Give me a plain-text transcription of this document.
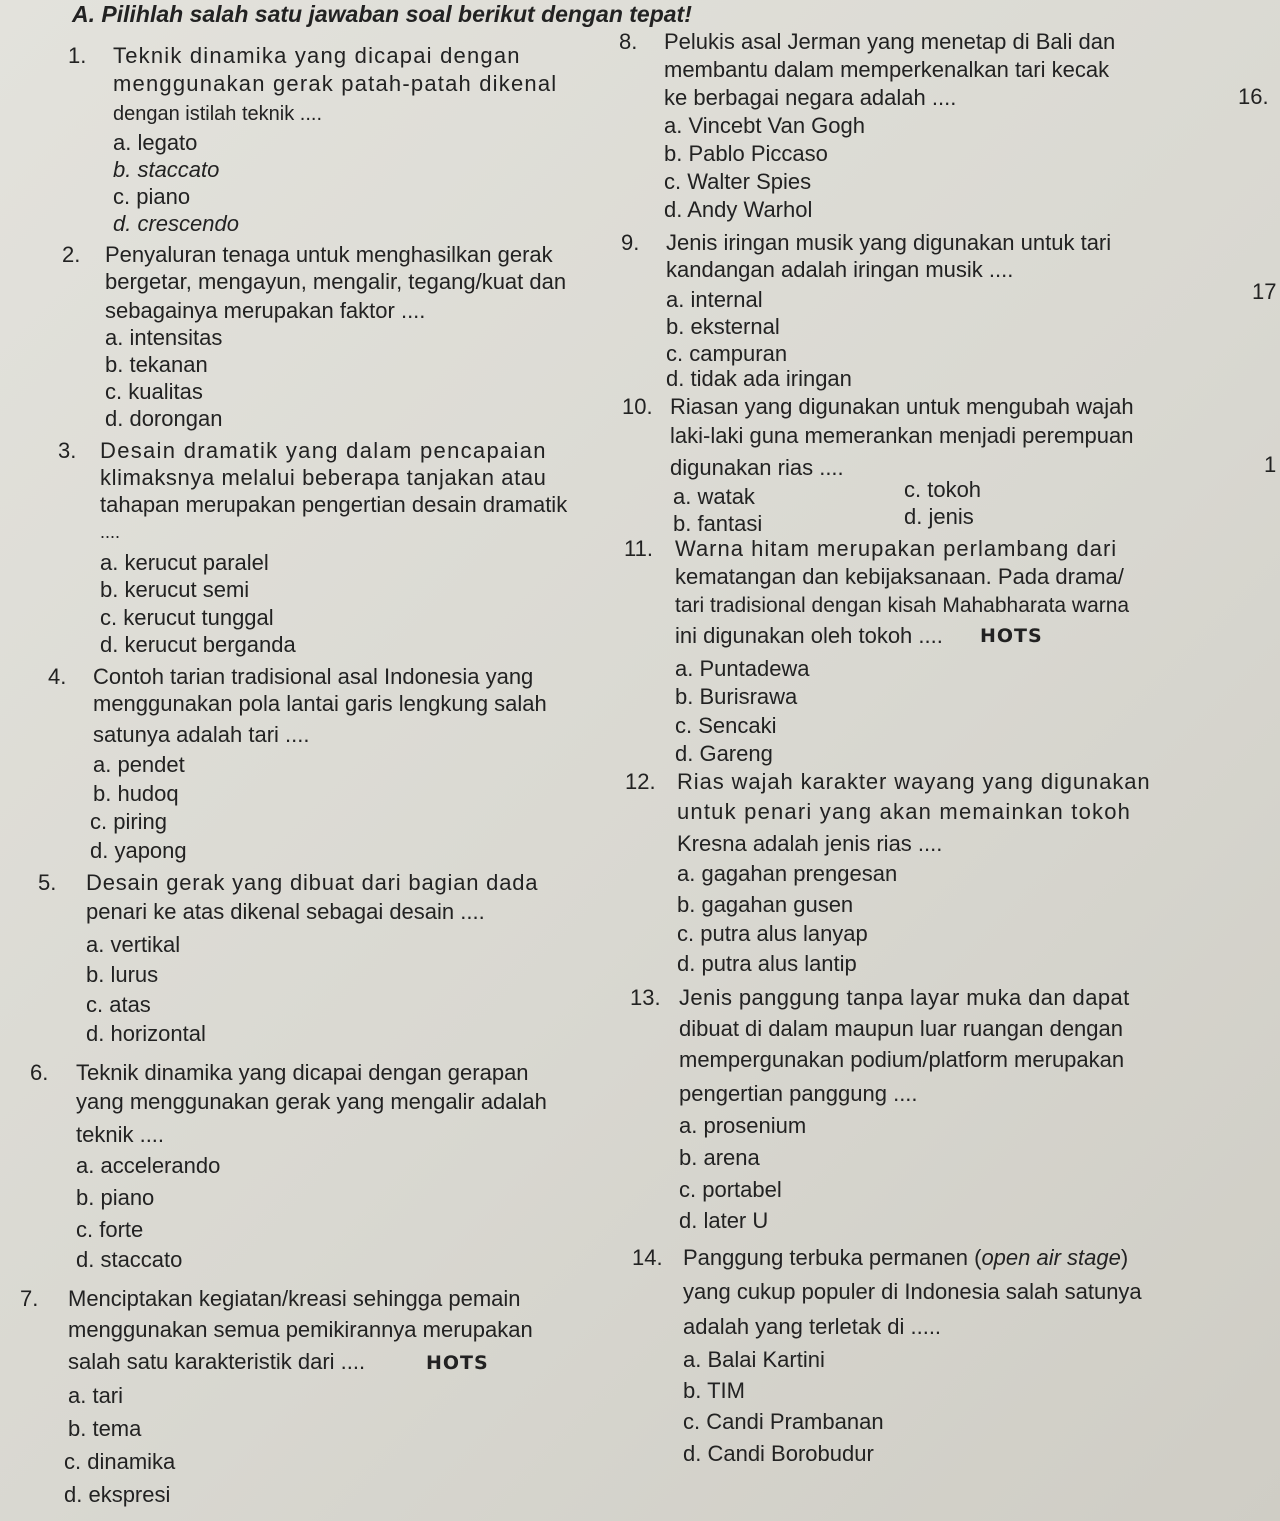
A. Pilihlah salah satu jawaban soal berikut dengan tepat!
16.
17
1
1. Teknik dinamika yang dicapai dengan
menggunakan gerak patah-patah dikenal
dengan istilah teknik ....
a. legato
b. staccato
c. piano
d. crescendo
2. Penyaluran tenaga untuk menghasilkan gerak
bergetar, mengayun, mengalir, tegang/kuat dan
sebagainya merupakan faktor ....
a. intensitas
b. tekanan
c. kualitas
d. dorongan
3. Desain dramatik yang dalam pencapaian
klimaksnya melalui beberapa tanjakan atau
tahapan merupakan pengertian desain dramatik
....
a. kerucut paralel
b. kerucut semi
c. kerucut tunggal
d. kerucut berganda
4. Contoh tarian tradisional asal Indonesia yang
menggunakan pola lantai garis lengkung salah
satunya adalah tari ....
a. pendet
b. hudoq
c. piring
d. yapong
5. Desain gerak yang dibuat dari bagian dada
penari ke atas dikenal sebagai desain ....
a. vertikal
b. lurus
c. atas
d. horizontal
6. Teknik dinamika yang dicapai dengan gerapan
yang menggunakan gerak yang mengalir adalah
teknik ....
a. accelerando
b. piano
c. forte
d. staccato
7. Menciptakan kegiatan/kreasi sehingga pemain
menggunakan semua pemikirannya merupakan
salah satu karakteristik dari ....	HOTS
a. tari
b. tema
c. dinamika
d. ekspresi
8. Pelukis asal Jerman yang menetap di Bali dan
membantu dalam memperkenalkan tari kecak
ke berbagai negara adalah ....
a. Vincebt Van Gogh
b. Pablo Piccaso
c. Walter Spies
d. Andy Warhol
9. Jenis iringan musik yang digunakan untuk tari
kandangan adalah iringan musik ....
a. internal
b. eksternal
c. campuran
d. tidak ada iringan
10. Riasan yang digunakan untuk mengubah wajah
laki-laki guna memerankan menjadi perempuan
digunakan rias ....
a. watak
b. fantasi
c. tokoh
d. jenis
11. Warna hitam merupakan perlambang dari
kematangan dan kebijaksanaan. Pada drama/
tari tradisional dengan kisah Mahabharata warna
ini digunakan oleh tokoh .... HOTS
a. Puntadewa
b. Burisrawa
c. Sencaki
d. Gareng
12. Rias wajah karakter wayang yang digunakan
untuk penari yang akan memainkan tokoh
Kresna adalah jenis rias ....
a. gagahan prengesan
b. gagahan gusen
c. putra alus lanyap
d. putra alus lantip
13. Jenis panggung tanpa layar muka dan dapat
dibuat di dalam maupun luar ruangan dengan
mempergunakan podium/platform merupakan
pengertian panggung ....
a. prosenium
b. arena
c. portabel
d. later U
14. Panggung terbuka permanen (open air stage)
yang cukup populer di Indonesia salah satunya
adalah yang terletak di .....
a. Balai Kartini
b. TIM
c. Candi Prambanan
d. Candi Borobudur
